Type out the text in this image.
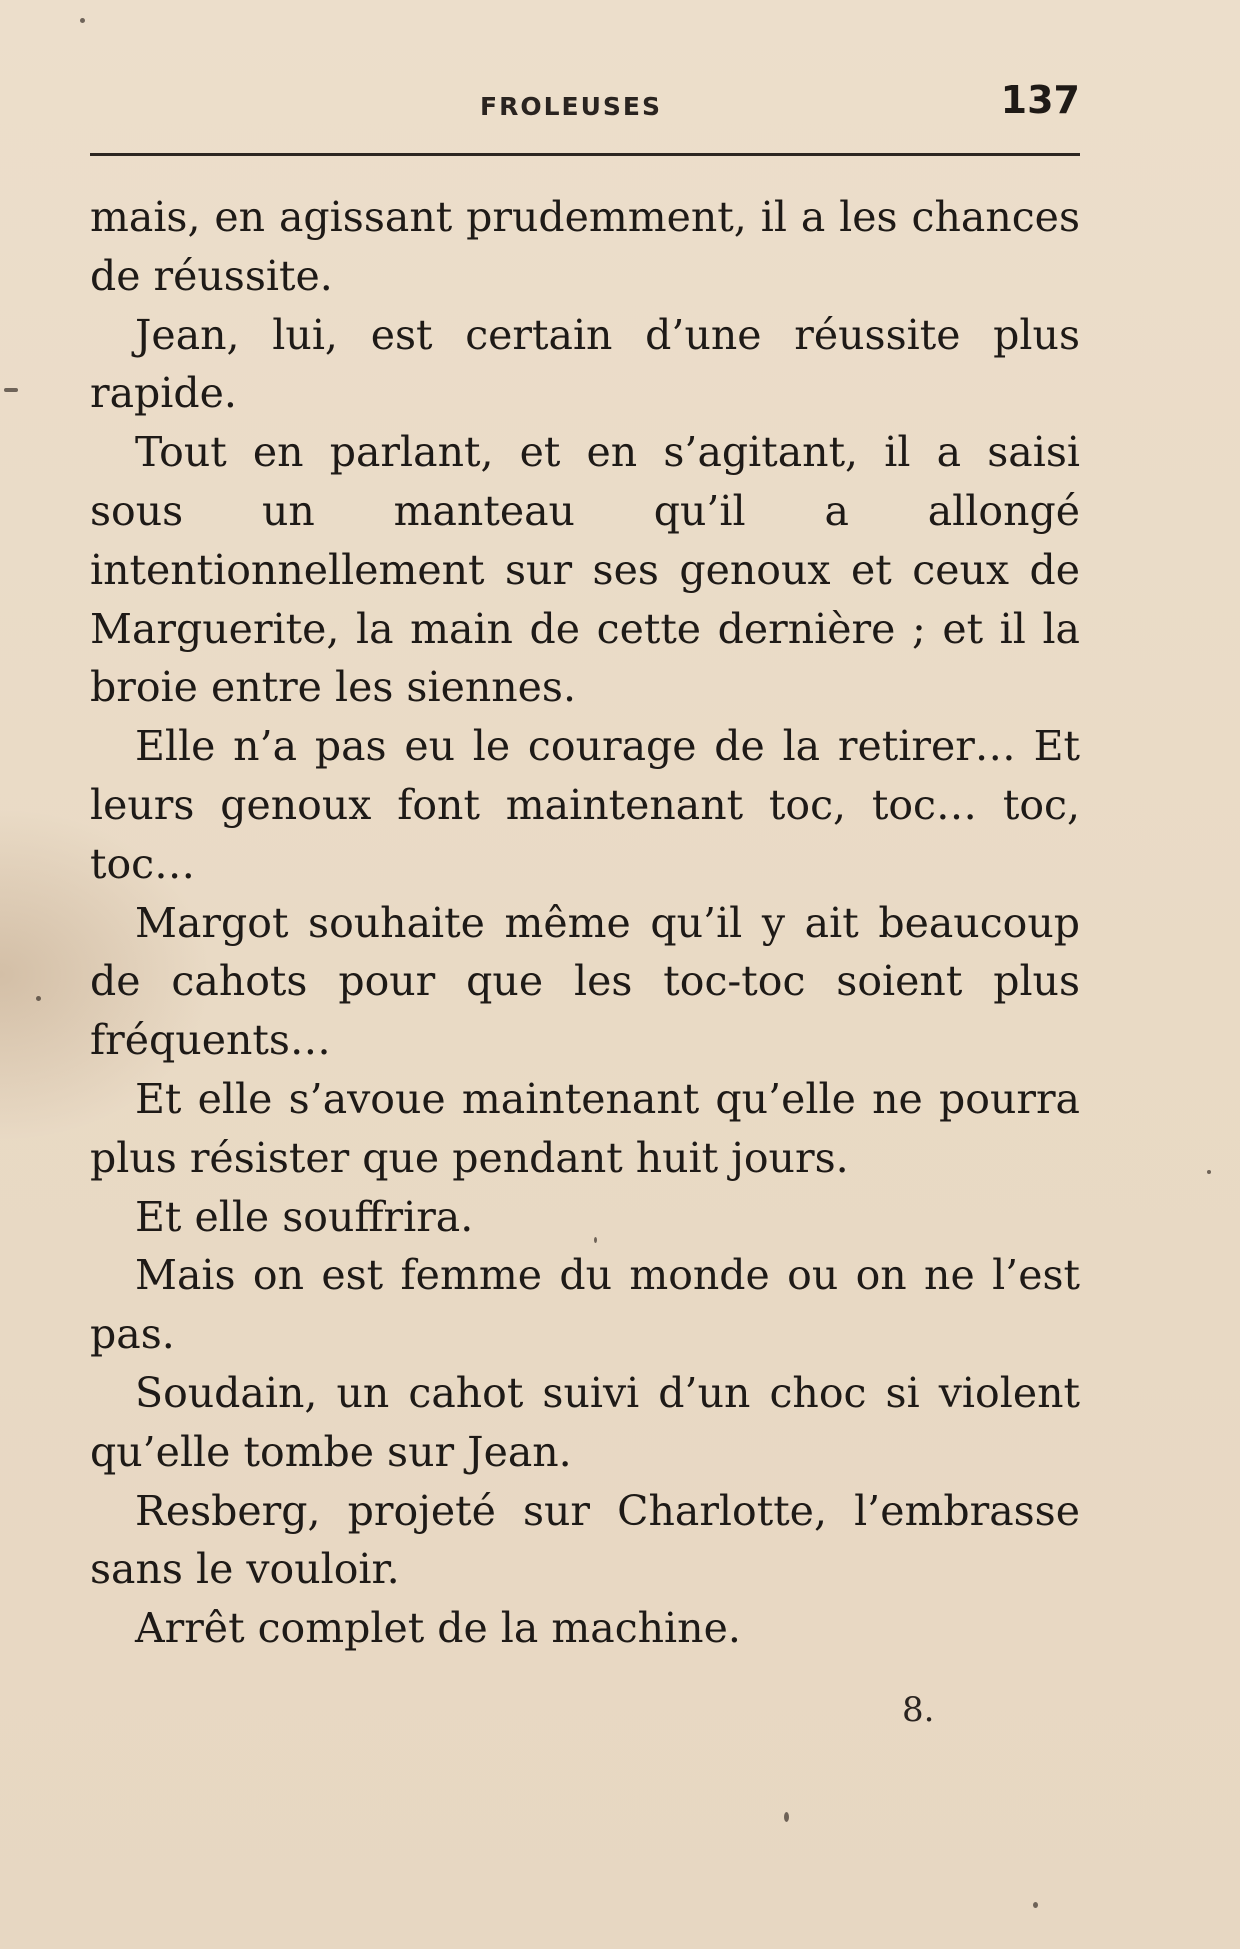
FROLEUSES	137

mais, en agissant prudemment, il a les chances de réussite.

Jean, lui, est certain d’une réussite plus rapide.

Tout en parlant, et en s’agitant, il a saisi sous un manteau qu’il a allongé intentionnellement sur ses genoux et ceux de Marguerite, la main de cette dernière ; et il la broie entre les siennes.

Elle n’a pas eu le courage de la retirer… Et leurs genoux font maintenant toc, toc… toc, toc…

Margot souhaite même qu’il y ait beaucoup de cahots pour que les toc-toc soient plus fréquents…

Et elle s’avoue maintenant qu’elle ne pourra plus résister que pendant huit jours.

Et elle souffrira.

Mais on est femme du monde ou on ne l’est pas.

Soudain, un cahot suivi d’un choc si violent qu’elle tombe sur Jean.

Resberg, projeté sur Charlotte, l’embrasse sans le vouloir.

Arrêt complet de la machine.

8.
